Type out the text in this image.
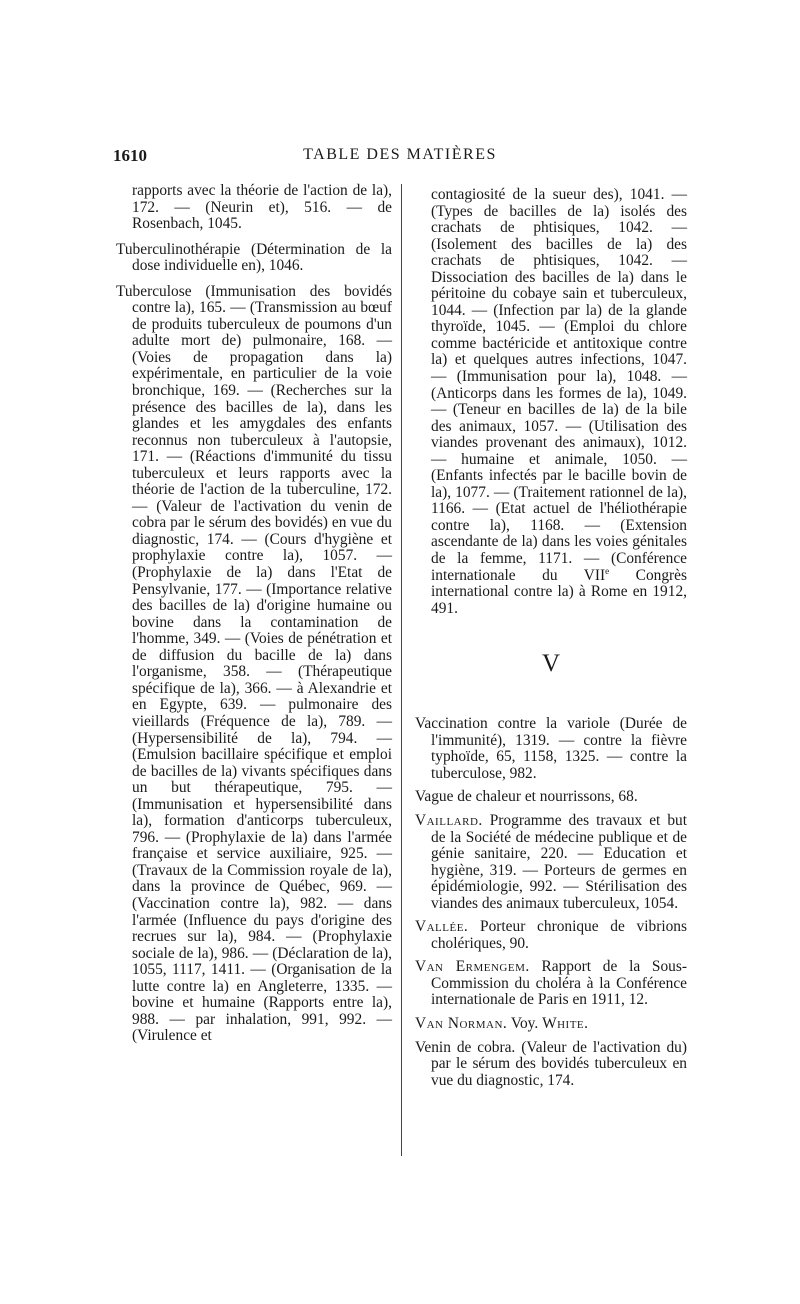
1610	TABLE DES MATIÈRES

rapports avec la théorie de l'action de la), 172. — (Neurin et), 516. — de Rosenbach, 1045.

Tuberculinothérapie (Détermination de la dose individuelle en), 1046.

Tuberculose (Immunisation des bovidés contre la), 165. — (Transmission au bœuf de produits tuberculeux de poumons d'un adulte mort de) pulmonaire, 168. — (Voies de propagation dans la) expérimentale, en particulier de la voie bronchique, 169. — (Recherches sur la présence des bacilles de la), dans les glandes et les amygdales des enfants reconnus non tuberculeux à l'autopsie, 171. — (Réactions d'immunité du tissu tuberculeux et leurs rapports avec la théorie de l'action de la tuberculine, 172. — (Valeur de l'activation du venin de cobra par le sérum des bovidés) en vue du diagnostic, 174. — (Cours d'hygiène et prophylaxie contre la), 1057. — (Prophylaxie de la) dans l'Etat de Pensylvanie, 177. — (Importance relative des bacilles de la) d'origine humaine ou bovine dans la contamination de l'homme, 349. — (Voies de pénétration et de diffusion du bacille de la) dans l'organisme, 358. — (Thérapeutique spécifique de la), 366. — à Alexandrie et en Egypte, 639. — pulmonaire des vieillards (Fréquence de la), 789. — (Hypersensibilité de la), 794. — (Emulsion bacillaire spécifique et emploi de bacilles de la) vivants spécifiques dans un but thérapeutique, 795. — (Immunisation et hypersensibilité dans la), formation d'anticorps tuberculeux, 796. — (Prophylaxie de la) dans l'armée française et service auxiliaire, 925. — (Travaux de la Commission royale de la), dans la province de Québec, 969. — (Vaccination contre la), 982. — dans l'armée (Influence du pays d'origine des recrues sur la), 984. — (Prophylaxie sociale de la), 986. — (Déclaration de la), 1055, 1117, 1411. — (Organisation de la lutte contre la) en Angleterre, 1335. — bovine et humaine (Rapports entre la), 988. — par inhalation, 991, 992. — (Virulence et

contagiosité de la sueur des), 1041. — (Types de bacilles de la) isolés des crachats de phtisiques, 1042. — (Isolement des bacilles de la) des crachats de phtisiques, 1042. — Dissociation des bacilles de la) dans le péritoine du cobaye sain et tuberculeux, 1044. — (Infection par la) de la glande thyroïde, 1045. — (Emploi du chlore comme bactéricide et antitoxique contre la) et quelques autres infections, 1047. — (Immunisation pour la), 1048. — (Anticorps dans les formes de la), 1049. — (Teneur en bacilles de la) de la bile des animaux, 1057. — (Utilisation des viandes provenant des animaux), 1012. — humaine et animale, 1050. — (Enfants infectés par le bacille bovin de la), 1077. — (Traitement rationnel de la), 1166. — (Etat actuel de l'héliothérapie contre la), 1168. — (Extension ascendante de la) dans les voies génitales de la femme, 1171. — (Conférence internationale du VIIe Congrès international contre la) à Rome en 1912, 491.

V

Vaccination contre la variole (Durée de l'immunité), 1319. — contre la fièvre typhoïde, 65, 1158, 1325. — contre la tuberculose, 982.

Vague de chaleur et nourrissons, 68.

Vaillard. Programme des travaux et but de la Société de médecine publique et de génie sanitaire, 220. — Education et hygiène, 319. — Porteurs de germes en épidémiologie, 992. — Stérilisation des viandes des animaux tuberculeux, 1054.

Vallée. Porteur chronique de vibrions cholériques, 90.

Van Ermengem. Rapport de la Sous-Commission du choléra à la Conférence internationale de Paris en 1911, 12.

Van Norman. Voy. White.

Venin de cobra. (Valeur de l'activation du) par le sérum des bovidés tuberculeux en vue du diagnostic, 174.
